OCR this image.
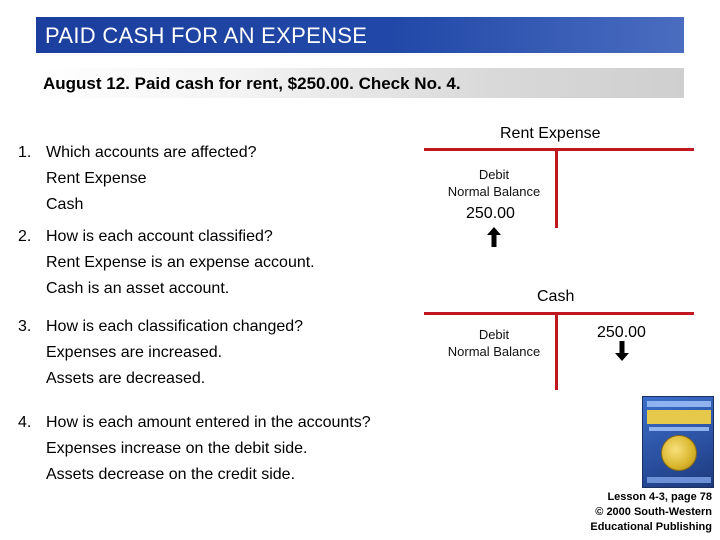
PAID CASH FOR AN EXPENSE
August 12. Paid cash for rent, $250.00. Check No. 4.
1. Which accounts are affected?
Rent Expense
Cash
2. How is each account classified?
Rent Expense is an expense account.
Cash is an asset account.
3. How is each classification changed?
Expenses are increased.
Assets are decreased.
4. How is each amount entered in the accounts?
Expenses increase on the debit side.
Assets decrease on the credit side.
Rent Expense
Debit
Normal Balance
250.00
Cash
Debit
Normal Balance
250.00
Lesson 4-3, page 78
© 2000 South-Western
Educational Publishing
